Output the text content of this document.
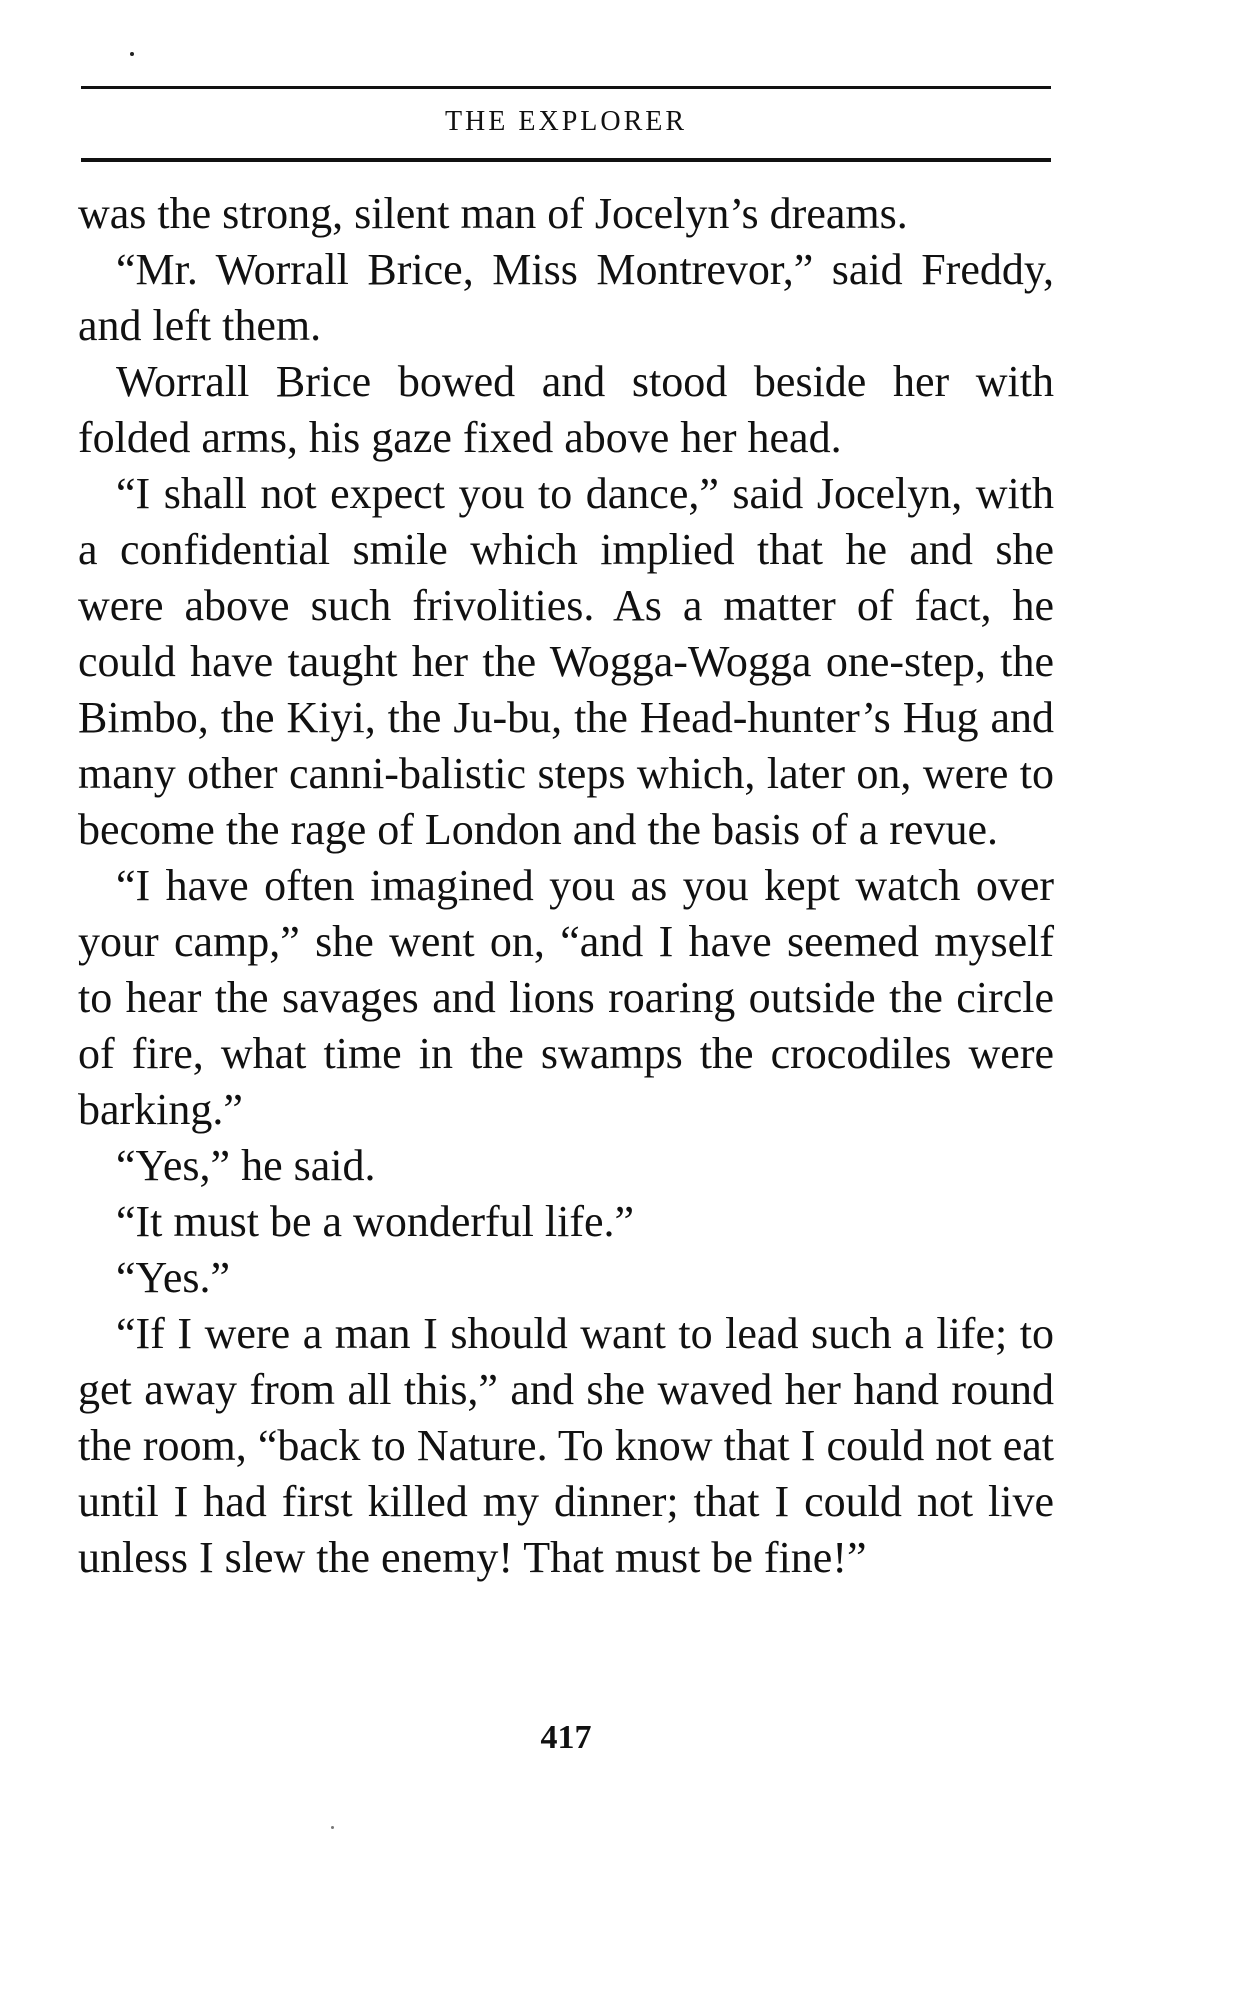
THE EXPLORER

was the strong, silent man of Jocelyn’s dreams.

“Mr. Worrall Brice, Miss Montrevor,” said Freddy, and left them.

Worrall Brice bowed and stood beside her with folded arms, his gaze fixed above her head.

“I shall not expect you to dance,” said Jocelyn, with a confidential smile which implied that he and she were above such frivolities. As a matter of fact, he could have taught her the Wogga-Wogga one-step, the Bimbo, the Kiyi, the Ju-bu, the Head-hunter’s Hug and many other canni-balistic steps which, later on, were to become the rage of London and the basis of a revue.

“I have often imagined you as you kept watch over your camp,” she went on, “and I have seemed myself to hear the savages and lions roaring outside the circle of fire, what time in the swamps the crocodiles were barking.”

“Yes,” he said.

“It must be a wonderful life.”

“Yes.”

“If I were a man I should want to lead such a life; to get away from all this,” and she waved her hand round the room, “back to Nature. To know that I could not eat until I had first killed my dinner; that I could not live unless I slew the enemy! That must be fine!”

417
